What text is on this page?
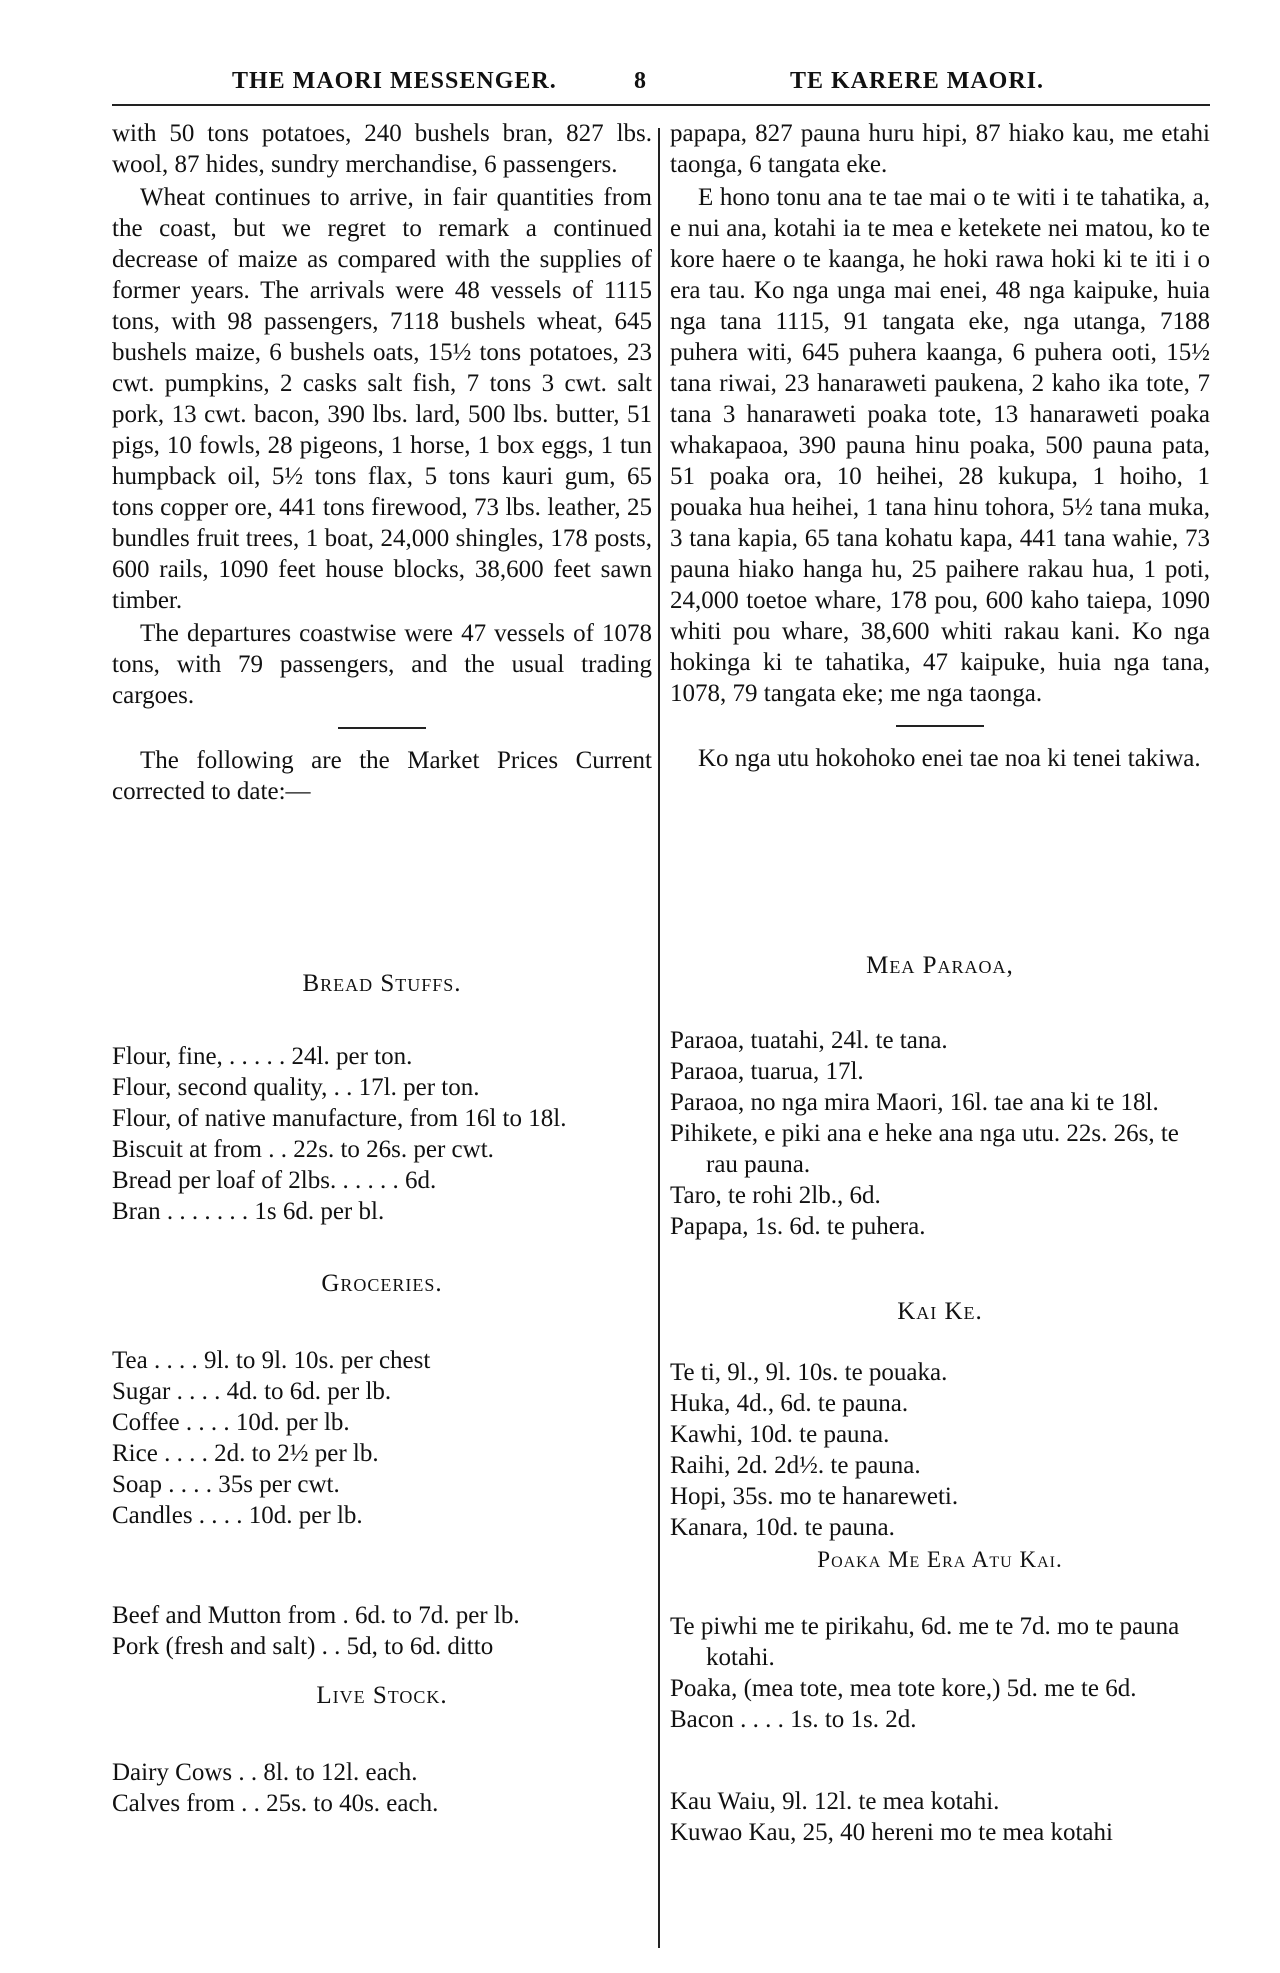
THE MAORI MESSENGER.	8	TE KARERE MAORI.

with 50 tons potatoes, 240 bushels bran, 827 lbs. wool, 87 hides, sundry merchandise, 6 passengers.

Wheat continues to arrive, in fair quantities from the coast, but we regret to remark a continued decrease of maize as compared with the supplies of former years. The arrivals were 48 vessels of 1115 tons, with 98 passengers, 7118 bushels wheat, 645 bushels maize, 6 bushels oats, 15½ tons potatoes, 23 cwt. pumpkins, 2 casks salt fish, 7 tons 3 cwt. salt pork, 13 cwt. bacon, 390 lbs. lard, 500 lbs. butter, 51 pigs, 10 fowls, 28 pigeons, 1 horse, 1 box eggs, 1 tun humpback oil, 5½ tons flax, 5 tons kauri gum, 65 tons copper ore, 441 tons firewood, 73 lbs. leather, 25 bundles fruit trees, 1 boat, 24,000 shingles, 178 posts, 600 rails, 1090 feet house blocks, 38,600 feet sawn timber.

The departures coastwise were 47 vessels of 1078 tons, with 79 passengers, and the usual trading cargoes.

The following are the Market Prices Current corrected to date:—

Bread Stuffs.

Flour, fine, . . . . . 24l. per ton.
Flour, second quality, . . 17l. per ton.
Flour, of native manufacture, from 16l to 18l.
Biscuit at from . . 22s. to 26s. per cwt.
Bread per loaf of 2lbs. . . . . . 6d.
Bran . . . . . . . 1s 6d. per bl.

Groceries.

Tea . . . . 9l. to 9l. 10s. per chest
Sugar . . . . 4d. to 6d. per lb.
Coffee . . . . 10d. per lb.
Rice . . . . 2d. to 2½ per lb.
Soap . . . . 35s per cwt.
Candles . . . . 10d. per lb.
Beef and Mutton from . 6d. to 7d. per lb.
Pork (fresh and salt) . . 5d, to 6d. ditto

Live Stock.

Dairy Cows . . 8l. to 12l. each.
Calves from . . 25s. to 40s. each.

papapa, 827 pauna huru hipi, 87 hiako kau, me etahi taonga, 6 tangata eke.

E hono tonu ana te tae mai o te witi i te tahatika, a, e nui ana, kotahi ia te mea e ketekete nei matou, ko te kore haere o te kaanga, he hoki rawa hoki ki te iti i o era tau. Ko nga unga mai enei, 48 nga kaipuke, huia nga tana 1115, 91 tangata eke, nga utanga, 7188 puhera witi, 645 puhera kaanga, 6 puhera ooti, 15½ tana riwai, 23 hanaraweti paukena, 2 kaho ika tote, 7 tana 3 hanaraweti poaka tote, 13 hanaraweti poaka whakapaoa, 390 pauna hinu poaka, 500 pauna pata, 51 poaka ora, 10 heihei, 28 kukupa, 1 hoiho, 1 pouaka hua heihei, 1 tana hinu tohora, 5½ tana muka, 3 tana kapia, 65 tana kohatu kapa, 441 tana wahie, 73 pauna hiako hanga hu, 25 paihere rakau hua, 1 poti, 24,000 toetoe whare, 178 pou, 600 kaho taiepa, 1090 whiti pou whare, 38,600 whiti rakau kani. Ko nga hokinga ki te tahatika, 47 kaipuke, huia nga tana, 1078, 79 tangata eke; me nga taonga.

Ko nga utu hokohoko enei tae noa ki tenei takiwa.

Mea Paraoa,

Paraoa, tuatahi, 24l. te tana.
Paraoa, tuarua, 17l.
Paraoa, no nga mira Maori, 16l. tae ana ki te 18l.
Pihikete, e piki ana e heke ana nga utu. 22s. 26s, te rau pauna.
Taro, te rohi 2lb., 6d.
Papapa, 1s. 6d. te puhera.

Kai Ke.

Te ti, 9l., 9l. 10s. te pouaka.
Huka, 4d., 6d. te pauna.
Kawhi, 10d. te pauna.
Raihi, 2d. 2d½. te pauna.
Hopi, 35s. mo te hanareweti.
Kanara, 10d. te pauna.

Poaka Me Era Atu Kai.

Te piwhi me te pirikahu, 6d. me te 7d. mo te pauna kotahi.
Poaka, (mea tote, mea tote kore,) 5d. me te 6d.
Bacon . . . . 1s. to 1s. 2d.
Kau Waiu, 9l. 12l. te mea kotahi.
Kuwao Kau, 25, 40 hereni mo te mea kotahi
